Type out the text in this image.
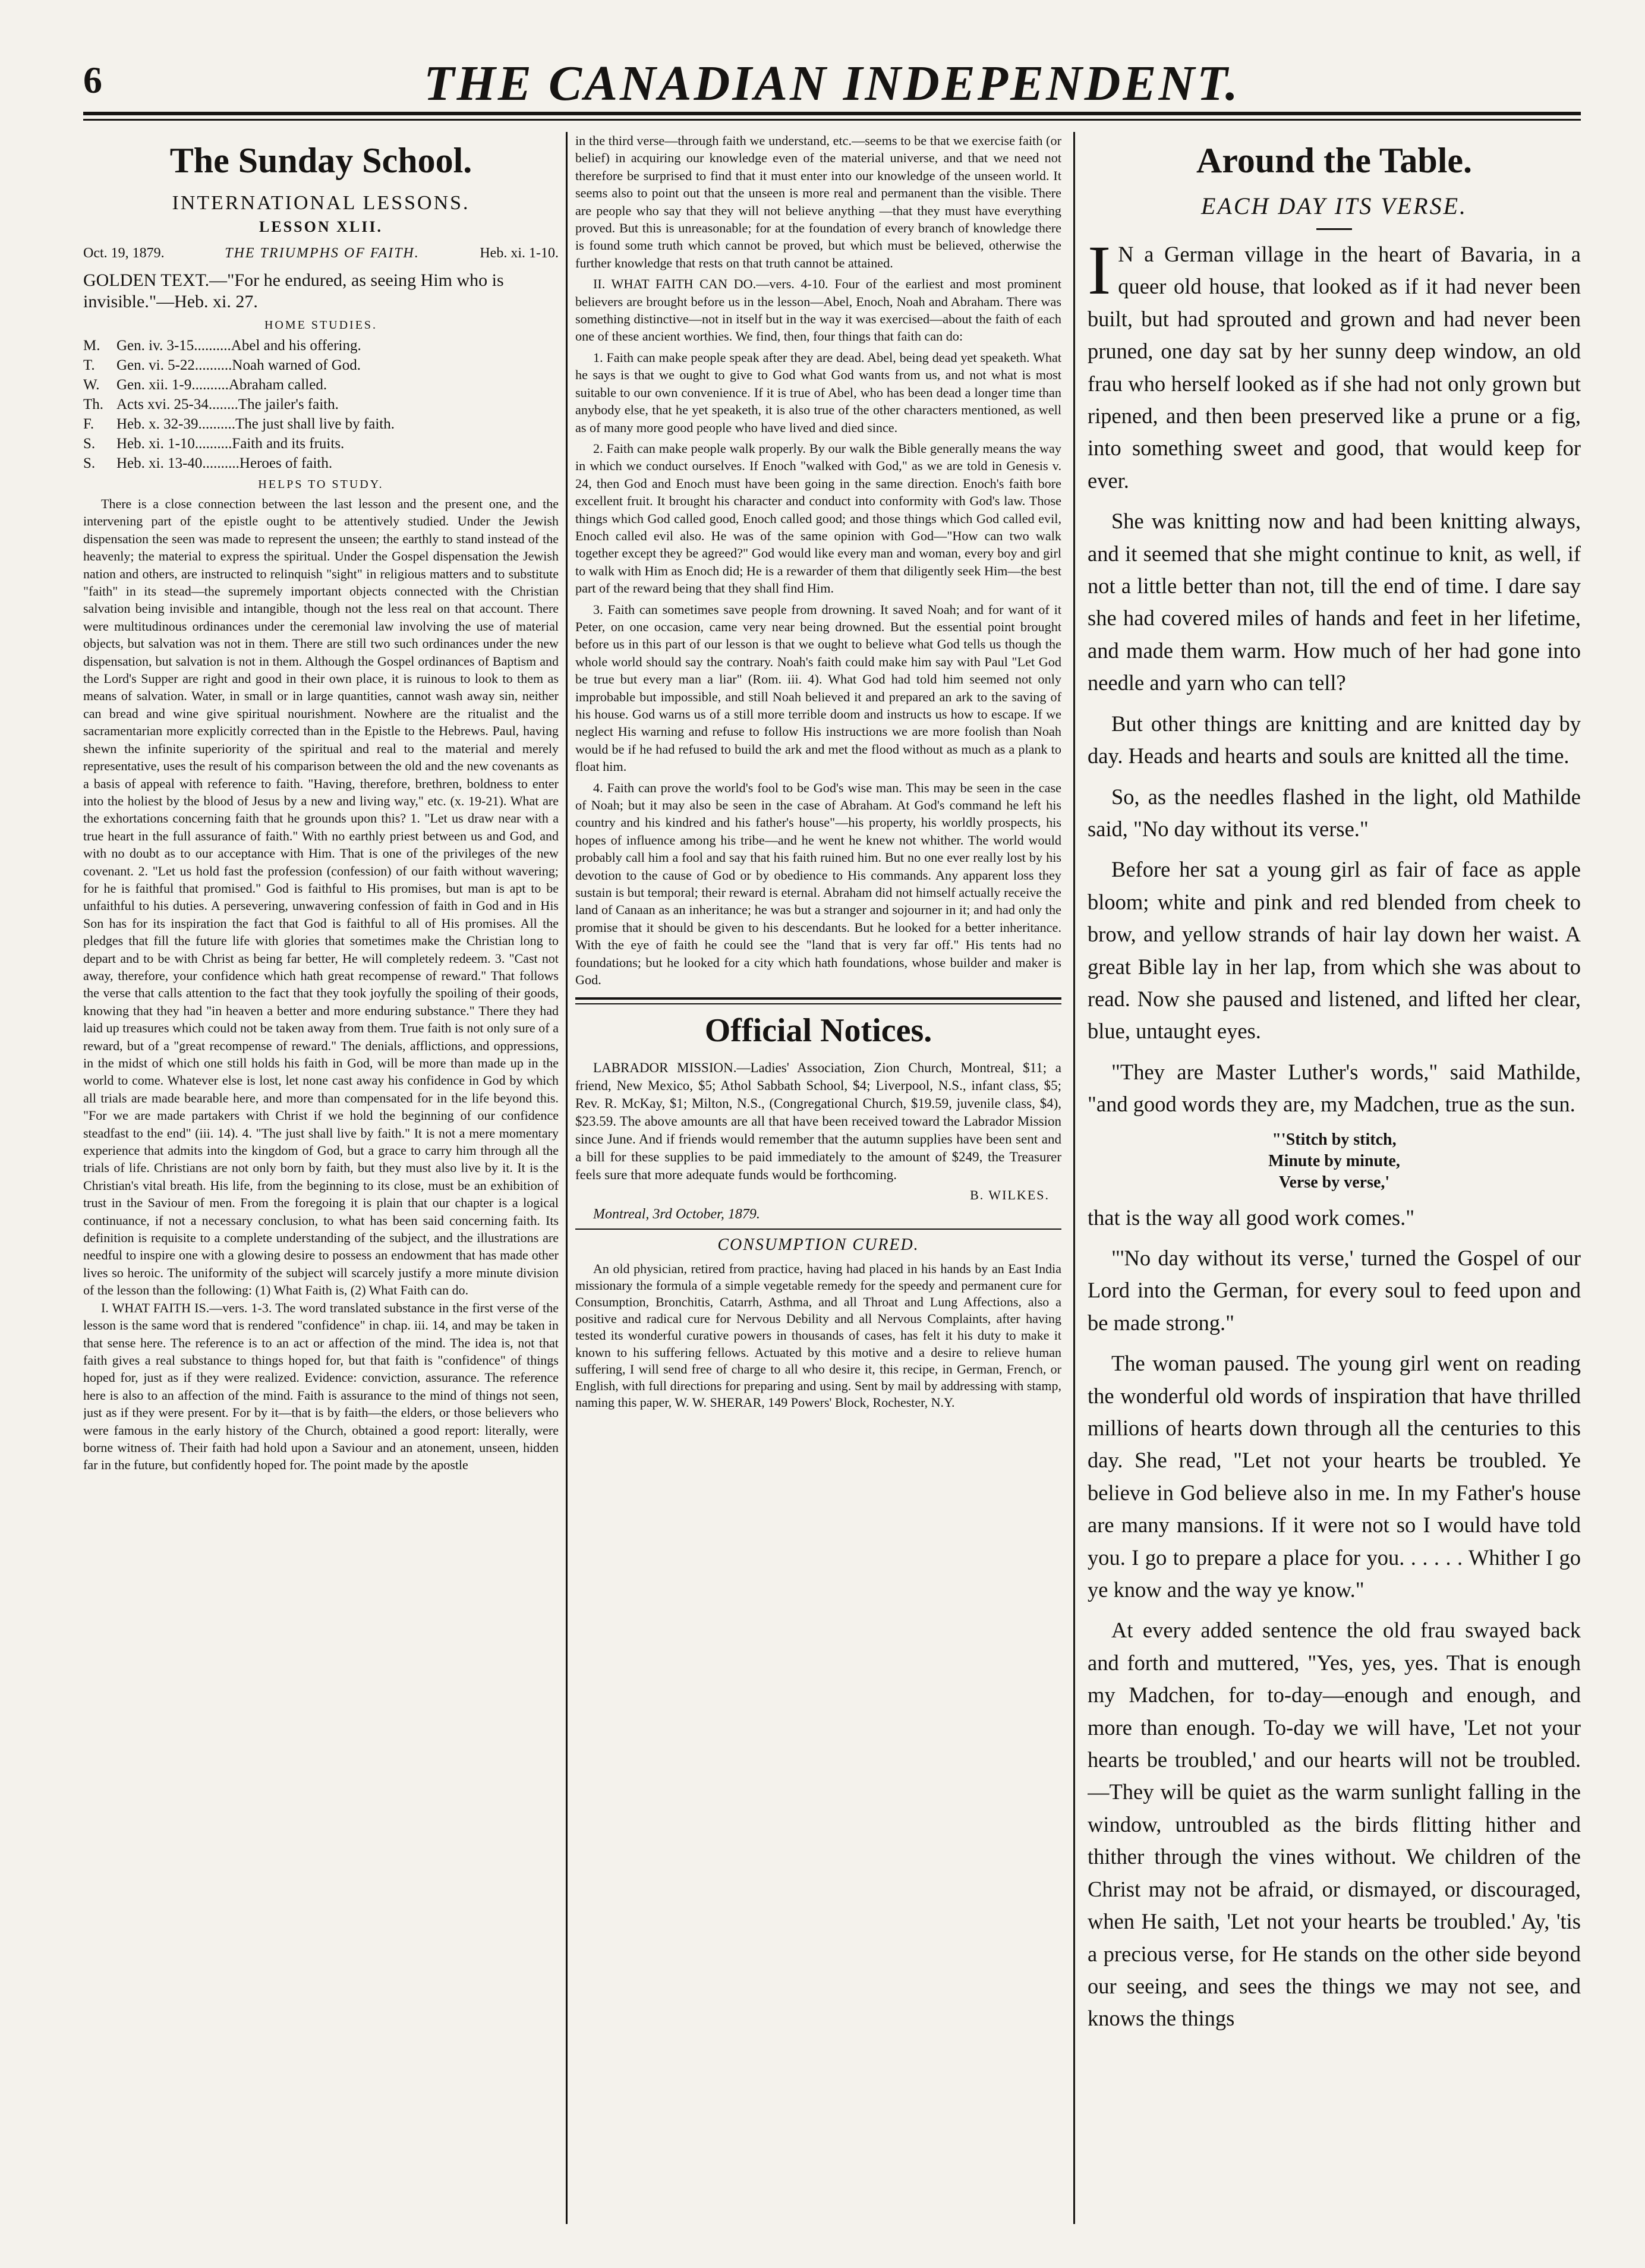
6	THE CANADIAN INDEPENDENT.
The Sunday School.
INTERNATIONAL LESSONS.
LESSON XLII.
Oct. 19, 1879.	THE TRIUMPHS OF FAITH.	Heb. xi. 1-10.
GOLDEN TEXT.—"For he endured, as seeing Him who is invisible."—Heb. xi. 27.
HOME STUDIES.
M.	Gen. iv. 3-15..........Abel and his offering.
T.	Gen. vi. 5-22..........Noah warned of God.
W.	Gen. xii. 1-9..........Abraham called.
Th. Acts xvi. 25-34........The jailer's faith.
F.	Heb. x. 32-39..........The just shall live by faith.
S.	Heb. xi. 1-10..........Faith and its fruits.
S.	Heb. xi. 13-40..........Heroes of faith.
HELPS TO STUDY.

There is a close connection between the last lesson and the present one, and the intervening part of the epistle ought to be attentively studied. Under the Jewish dispensation the seen was made to represent the unseen; the earthly to stand instead of the heavenly; the material to express the spiritual. Under the Gospel dispensation the Jewish nation and others, are instructed to relinquish "sight" in religious matters and to substitute "faith" in its stead—the supremely important objects connected with the Christian salvation being invisible and intangible, though not the less real on that account. There were multitudinous ordinances under the ceremonial law involving the use of material objects, but salvation was not in them. There are still two such ordinances under the new dispensation, but salvation is not in them. Although the Gospel ordinances of Baptism and the Lord's Supper are right and good in their own place, it is ruinous to look to them as means of salvation. Water, in small or in large quantities, cannot wash away sin, neither can bread and wine give spiritual nourishment. Nowhere are the ritualist and the sacramentarian more explicitly corrected than in the Epistle to the Hebrews. Paul, having shewn the infinite superiority of the spiritual and real to the material and merely representative, uses the result of his comparison between the old and the new covenants as a basis of appeal with reference to faith. "Having, therefore, brethren, boldness to enter into the holiest by the blood of Jesus by a new and living way," etc. (x. 19-21). What are the exhortations concerning faith that he grounds upon this? 1. "Let us draw near with a true heart in the full assurance of faith." With no earthly priest between us and God, and with no doubt as to our acceptance with Him. That is one of the privileges of the new covenant. 2. "Let us hold fast the profession (confession) of our faith without wavering; for he is faithful that promised." God is faithful to His promises, but man is apt to be unfaithful to his duties. A persevering, unwavering confession of faith in God and in His Son has for its inspiration the fact that God is faithful to all of His promises. All the pledges that fill the future life with glories that sometimes make the Christian long to depart and to be with Christ as being far better, He will completely redeem. 3. "Cast not away, therefore, your confidence which hath great recompense of reward." That follows the verse that calls attention to the fact that they took joyfully the spoiling of their goods, knowing that they had "in heaven a better and more enduring substance." There they had laid up treasures which could not be taken away from them. True faith is not only sure of a reward, but of a "great recompense of reward." The denials, afflictions, and oppressions, in the midst of which one still holds his faith in God, will be more than made up in the world to come. Whatever else is lost, let none cast away his confidence in God by which all trials are made bearable here, and more than compensated for in the life beyond this. "For we are made partakers with Christ if we hold the beginning of our confidence steadfast to the end" (iii. 14). 4. "The just shall live by faith." It is not a mere momentary experience that admits into the kingdom of God, but a grace to carry him through all the trials of life. Christians are not only born by faith, but they must also live by it. It is the Christian's vital breath. His life, from the beginning to its close, must be an exhibition of trust in the Saviour of men. From the foregoing it is plain that our chapter is a logical continuance, if not a necessary conclusion, to what has been said concerning faith. Its definition is requisite to a complete understanding of the subject, and the illustrations are needful to inspire one with a glowing desire to possess an endowment that has made other lives so heroic. The uniformity of the subject will scarcely justify a more minute division of the lesson than the following: (1) What Faith is, (2) What Faith can do.

I. WHAT FAITH IS.—vers. 1-3. The word translated substance in the first verse of the lesson is the same word that is rendered "confidence" in chap. iii. 14, and may be taken in that sense here. The reference is to an act or affection of the mind. The idea is, not that faith gives a real substance to things hoped for, but that faith is "confidence" of things hoped for, just as if they were realized. Evidence: conviction, assurance. The reference here is also to an affection of the mind. Faith is assurance to the mind of things not seen, just as if they were present. For by it—that is by faith—the elders, or those believers who were famous in the early history of the Church, obtained a good report: literally, were borne witness of. Their faith had hold upon a Saviour and an atonement, unseen, hidden far in the future, but confidently hoped for. The point made by the apostle

in the third verse—through faith we understand, etc.—seems to be that we exercise faith (or belief) in acquiring our knowledge even of the material universe, and that we need not therefore be surprised to find that it must enter into our knowledge of the unseen world. It seems also to point out that the unseen is more real and permanent than the visible. There are people who say that they will not believe anything —that they must have everything proved. But this is unreasonable; for at the foundation of every branch of knowledge there is found some truth which cannot be proved, but which must be believed, otherwise the further knowledge that rests on that truth cannot be attained.

II. WHAT FAITH CAN DO.—vers. 4-10. Four of the earliest and most prominent believers are brought before us in the lesson—Abel, Enoch, Noah and Abraham. There was something distinctive—not in itself but in the way it was exercised—about the faith of each one of these ancient worthies. We find, then, four things that faith can do:

1. Faith can make people speak after they are dead. Abel, being dead yet speaketh. What he says is that we ought to give to God what God wants from us, and not what is most suitable to our own convenience. If it is true of Abel, who has been dead a longer time than anybody else, that he yet speaketh, it is also true of the other characters mentioned, as well as of many more good people who have lived and died since.

2. Faith can make people walk properly. By our walk the Bible generally means the way in which we conduct ourselves. If Enoch "walked with God," as we are told in Genesis v. 24, then God and Enoch must have been going in the same direction. Enoch's faith bore excellent fruit. It brought his character and conduct into conformity with God's law. Those things which God called good, Enoch called good; and those things which God called evil, Enoch called evil also. He was of the same opinion with God—"How can two walk together except they be agreed?" God would like every man and woman, every boy and girl to walk with Him as Enoch did; He is a rewarder of them that diligently seek Him—the best part of the reward being that they shall find Him.

3. Faith can sometimes save people from drowning. It saved Noah; and for want of it Peter, on one occasion, came very near being drowned. But the essential point brought before us in this part of our lesson is that we ought to believe what God tells us though the whole world should say the contrary. Noah's faith could make him say with Paul "Let God be true but every man a liar" (Rom. iii. 4). What God had told him seemed not only improbable but impossible, and still Noah believed it and prepared an ark to the saving of his house. God warns us of a still more terrible doom and instructs us how to escape. If we neglect His warning and refuse to follow His instructions we are more foolish than Noah would be if he had refused to build the ark and met the flood without as much as a plank to float him.

4. Faith can prove the world's fool to be God's wise man. This may be seen in the case of Noah; but it may also be seen in the case of Abraham. At God's command he left his country and his kindred and his father's house"—his property, his worldly prospects, his hopes of influence among his tribe—and he went he knew not whither. The world would probably call him a fool and say that his faith ruined him. But no one ever really lost by his devotion to the cause of God or by obedience to His commands. Any apparent loss they sustain is but temporal; their reward is eternal. Abraham did not himself actually receive the land of Canaan as an inheritance; he was but a stranger and sojourner in it; and had only the promise that it should be given to his descendants. But he looked for a better inheritance. With the eye of faith he could see the "land that is very far off." His tents had no foundations; but he looked for a city which hath foundations, whose builder and maker is God.

Official Notices.

LABRADOR MISSION.—Ladies' Association, Zion Church, Montreal, $11; a friend, New Mexico, $5; Athol Sabbath School, $4; Liverpool, N.S., infant class, $5; Rev. R. McKay, $1; Milton, N.S., (Congregational Church, $19.59, juvenile class, $4), $23.59. The above amounts are all that have been received toward the Labrador Mission since June. And if friends would remember that the autumn supplies have been sent and a bill for these supplies to be paid immediately to the amount of $249, the Treasurer feels sure that more adequate funds would be forthcoming.

B. WILKES.
Montreal, 3rd October, 1879.
CONSUMPTION CURED.

An old physician, retired from practice, having had placed in his hands by an East India missionary the formula of a simple vegetable remedy for the speedy and permanent cure for Consumption, Bronchitis, Catarrh, Asthma, and all Throat and Lung Affections, also a positive and radical cure for Nervous Debility and all Nervous Complaints, after having tested its wonderful curative powers in thousands of cases, has felt it his duty to make it known to his suffering fellows. Actuated by this motive and a desire to relieve human suffering, I will send free of charge to all who desire it, this recipe, in German, French, or English, with full directions for preparing and using. Sent by mail by addressing with stamp, naming this paper, W. W. SHERAR, 149 Powers' Block, Rochester, N.Y.

Around the Table.
EACH DAY ITS VERSE.

I N a German village in the heart of Bavaria, in a queer old house, that looked as if it had never been built, but had sprouted and grown and had never been pruned, one day sat by her sunny deep window, an old frau who herself looked as if she had not only grown but ripened, and then been preserved like a prune or a fig, into something sweet and good, that would keep for ever.

She was knitting now and had been knitting always, and it seemed that she might continue to knit, as well, if not a little better than not, till the end of time. I dare say she had covered miles of hands and feet in her lifetime, and made them warm. How much of her had gone into needle and yarn who can tell?

But other things are knitting and are knitted day by day. Heads and hearts and souls are knitted all the time.

So, as the needles flashed in the light, old Mathilde said, "No day without its verse."

Before her sat a young girl as fair of face as apple bloom; white and pink and red blended from cheek to brow, and yellow strands of hair lay down her waist. A great Bible lay in her lap, from which she was about to read. Now she paused and listened, and lifted her clear, blue, untaught eyes.

"They are Master Luther's words," said Mathilde, "and good words they are, my Madchen, true as the sun.

"'Stitch by stitch,
Minute by minute,
Verse by verse,'

that is the way all good work comes."

"'No day without its verse,' turned the Gospel of our Lord into the German, for every soul to feed upon and be made strong."

The woman paused. The young girl went on reading the wonderful old words of inspiration that have thrilled millions of hearts down through all the centuries to this day. She read, "Let not your hearts be troubled. Ye believe in God believe also in me. In my Father's house are many mansions. If it were not so I would have told you. I go to prepare a place for you. . . . . . Whither I go ye know and the way ye know."

At every added sentence the old frau swayed back and forth and muttered, "Yes, yes, yes. That is enough my Madchen, for to-day—enough and enough, and more than enough. To-day we will have, 'Let not your hearts be troubled,' and our hearts will not be troubled. —They will be quiet as the warm sunlight falling in the window, untroubled as the birds flitting hither and thither through the vines without. We children of the Christ may not be afraid, or dismayed, or discouraged, when He saith, 'Let not your hearts be troubled.' Ay, 'tis a precious verse, for He stands on the other side beyond our seeing, and sees the things we may not see, and knows the things
